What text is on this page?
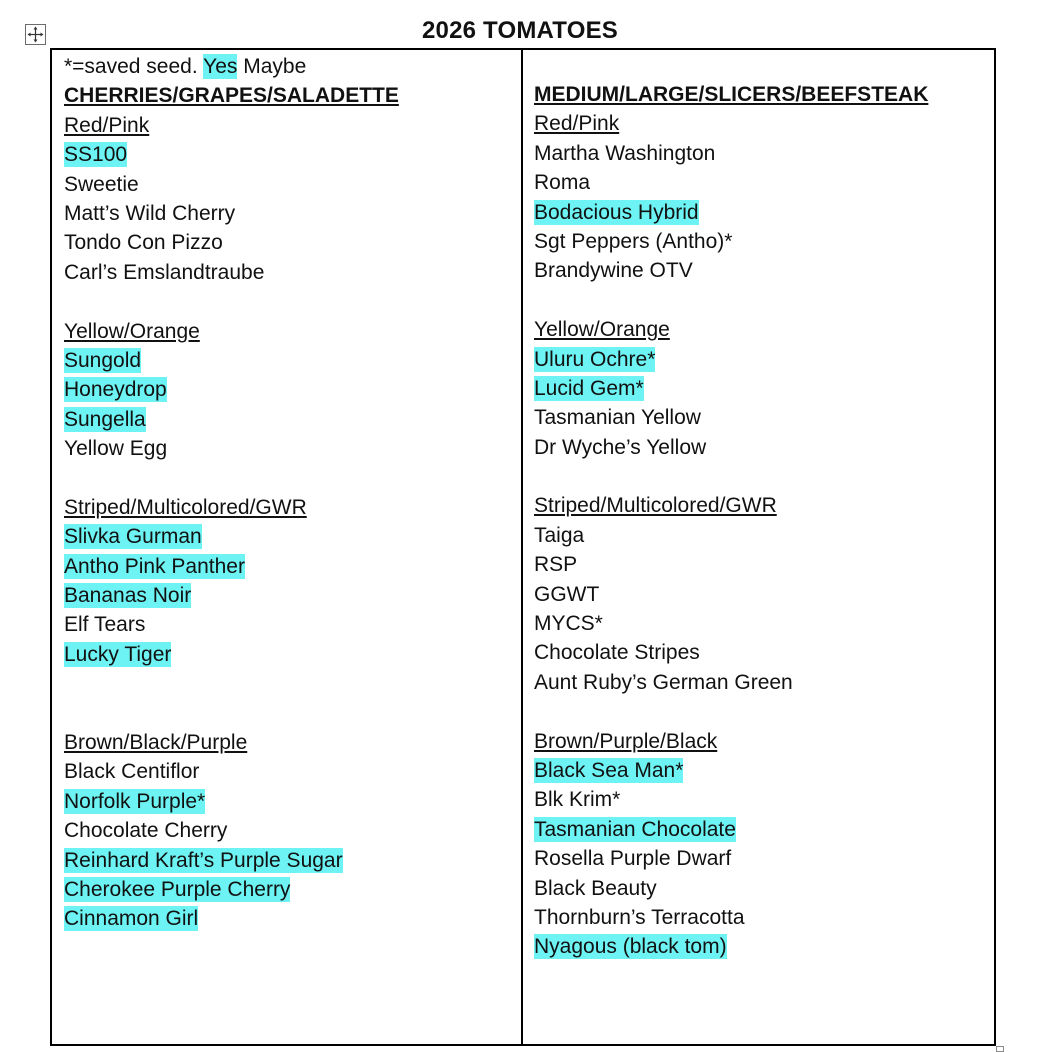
2026 TOMATOES
*=saved seed. Yes Maybe
CHERRIES/GRAPES/SALADETTE
Red/Pink
SS100
Sweetie
Matt’s Wild Cherry
Tondo Con Pizzo
Carl’s Emslandtraube
Yellow/Orange
Sungold
Honeydrop
Sungella
Yellow Egg
Striped/Multicolored/GWR
Slivka Gurman
Antho Pink Panther
Bananas Noir
Elf Tears
Lucky Tiger
Brown/Black/Purple
Black Centiflor
Norfolk Purple*
Chocolate Cherry
Reinhard Kraft’s Purple Sugar
Cherokee Purple Cherry
Cinnamon Girl
MEDIUM/LARGE/SLICERS/BEEFSTEAK
Red/Pink
Martha Washington
Roma
Bodacious Hybrid
Sgt Peppers (Antho)*
Brandywine OTV
Yellow/Orange
Uluru Ochre*
Lucid Gem*
Tasmanian Yellow
Dr Wyche’s Yellow
Striped/Multicolored/GWR
Taiga
RSP
GGWT
MYCS*
Chocolate Stripes
Aunt Ruby’s German Green
Brown/Purple/Black
Black Sea Man*
Blk Krim*
Tasmanian Chocolate
Rosella Purple Dwarf
Black Beauty
Thornburn’s Terracotta
Nyagous (black tom)
